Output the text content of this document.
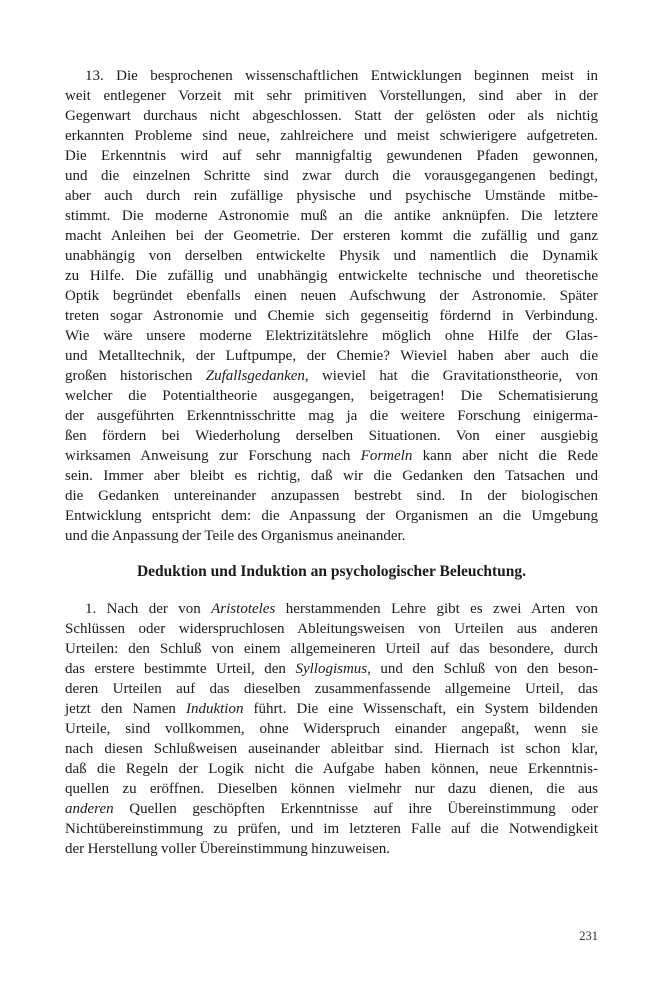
13. Die besprochenen wissenschaftlichen Entwicklungen beginnen meist in
weit entlegener Vorzeit mit sehr primitiven Vorstellungen, sind aber in der
Gegenwart durchaus nicht abgeschlossen. Statt der gelösten oder als nichtig
erkannten Probleme sind neue, zahlreichere und meist schwierigere aufgetreten.
Die Erkenntnis wird auf sehr mannigfaltig gewundenen Pfaden gewonnen,
und die einzelnen Schritte sind zwar durch die vorausgegangenen bedingt,
aber auch durch rein zufällige physische und psychische Umstände mitbe-
stimmt. Die moderne Astronomie muß an die antike anknüpfen. Die letztere
macht Anleihen bei der Geometrie. Der ersteren kommt die zufällig und ganz
unabhängig von derselben entwickelte Physik und namentlich die Dynamik
zu Hilfe. Die zufällig und unabhängig entwickelte technische und theoretische
Optik begründet ebenfalls einen neuen Aufschwung der Astronomie. Später
treten sogar Astronomie und Chemie sich gegenseitig fördernd in Verbindung.
Wie wäre unsere moderne Elektrizitätslehre möglich ohne Hilfe der Glas-
und Metalltechnik, der Luftpumpe, der Chemie? Wieviel haben aber auch die
großen historischen Zufallsgedanken, wieviel hat die Gravitationstheorie, von
welcher die Potentialtheorie ausgegangen, beigetragen! Die Schematisierung
der ausgeführten Erkenntnisschritte mag ja die weitere Forschung einigerma-
ßen fördern bei Wiederholung derselben Situationen. Von einer ausgiebig
wirksamen Anweisung zur Forschung nach Formeln kann aber nicht die Rede
sein. Immer aber bleibt es richtig, daß wir die Gedanken den Tatsachen und
die Gedanken untereinander anzupassen bestrebt sind. In der biologischen
Entwicklung entspricht dem: die Anpassung der Organismen an die Umgebung
und die Anpassung der Teile des Organismus aneinander.
Deduktion und Induktion an psychologischer Beleuchtung.
1. Nach der von Aristoteles herstammenden Lehre gibt es zwei Arten von
Schlüssen oder widerspruchlosen Ableitungsweisen von Urteilen aus anderen
Urteilen: den Schluß von einem allgemeineren Urteil auf das besondere, durch
das erstere bestimmte Urteil, den Syllogismus, und den Schluß von den beson-
deren Urteilen auf das dieselben zusammenfassende allgemeine Urteil, das
jetzt den Namen Induktion führt. Die eine Wissenschaft, ein System bildenden
Urteile, sind vollkommen, ohne Widerspruch einander angepaßt, wenn sie
nach diesen Schlußweisen auseinander ableitbar sind. Hiernach ist schon klar,
daß die Regeln der Logik nicht die Aufgabe haben können, neue Erkenntnis-
quellen zu eröffnen. Dieselben können vielmehr nur dazu dienen, die aus
anderen Quellen geschöpften Erkenntnisse auf ihre Übereinstimmung oder
Nichtübereinstimmung zu prüfen, und im letzteren Falle auf die Notwendigkeit
der Herstellung voller Übereinstimmung hinzuweisen.
231
